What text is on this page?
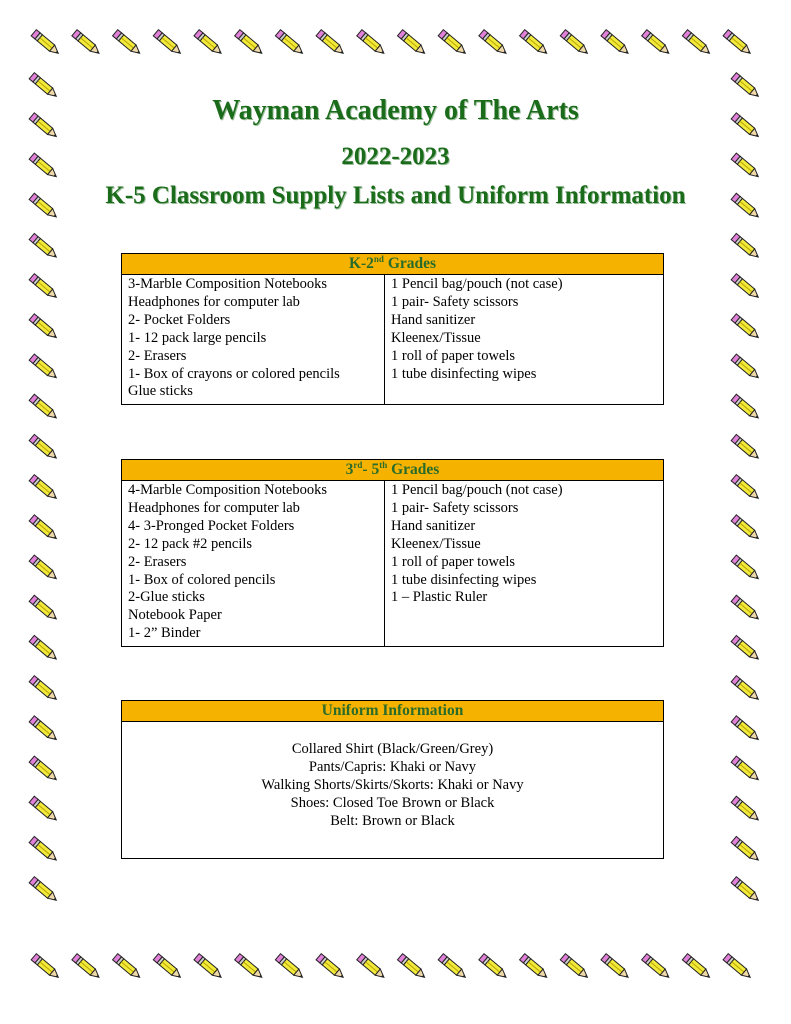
Wayman Academy of The Arts
2022-2023
K-5 Classroom Supply Lists and Uniform Information
K-2nd Grades

3-Marble Composition Notebooks
Headphones for computer lab
2- Pocket Folders
1- 12 pack large pencils
2- Erasers
1- Box of crayons or colored pencils
Glue sticks

1 Pencil bag/pouch (not case)
1 pair- Safety scissors
Hand sanitizer
Kleenex/Tissue
1 roll of paper towels
1 tube disinfecting wipes
3rd- 5th Grades

4-Marble Composition Notebooks
Headphones for computer lab
4- 3-Pronged Pocket Folders
2- 12 pack #2 pencils
2- Erasers
1- Box of colored pencils
2-Glue sticks
Notebook Paper
1- 2” Binder

1 Pencil bag/pouch (not case)
1 pair- Safety scissors
Hand sanitizer
Kleenex/Tissue
1 roll of paper towels
1 tube disinfecting wipes
1 – Plastic Ruler
Uniform Information
Collared Shirt (Black/Green/Grey)
Pants/Capris: Khaki or Navy
Walking Shorts/Skirts/Skorts: Khaki or Navy
Shoes: Closed Toe Brown or Black
Belt: Brown or Black
